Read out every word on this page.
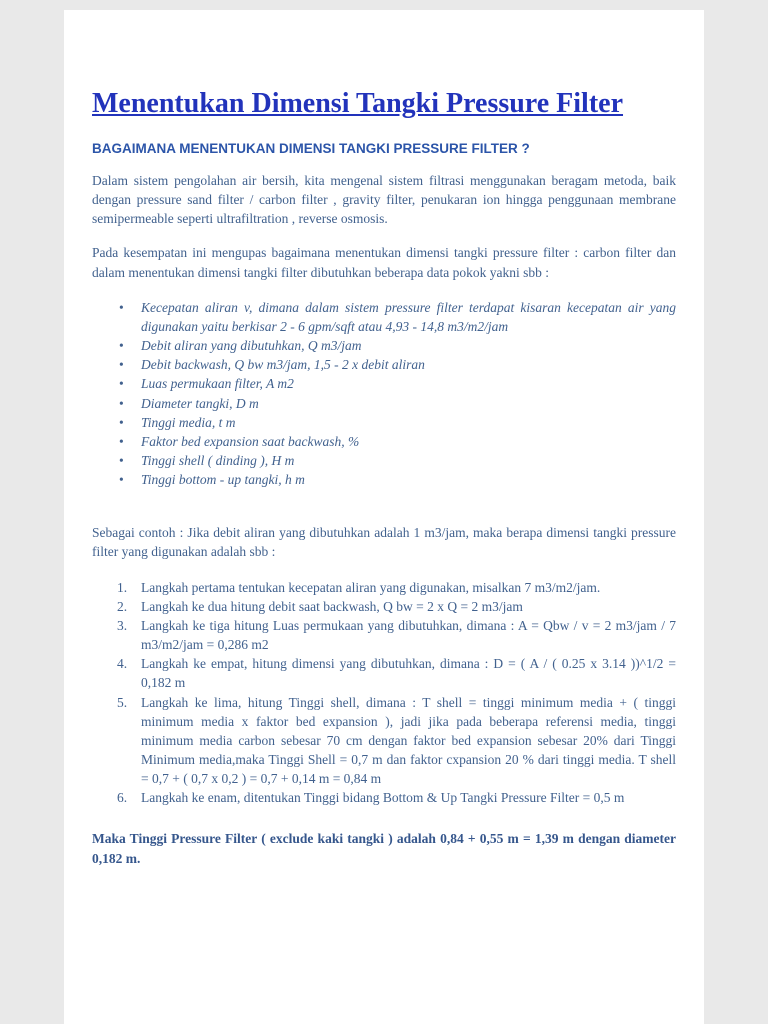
Menentukan Dimensi Tangki Pressure Filter
BAGAIMANA MENENTUKAN DIMENSI TANGKI PRESSURE FILTER ?

Dalam sistem pengolahan air bersih, kita mengenal sistem filtrasi menggunakan beragam metoda, baik dengan pressure sand filter / carbon filter , gravity filter, penukaran ion hingga penggunaan membrane semipermeable seperti ultrafiltration , reverse osmosis.

Pada kesempatan ini mengupas bagaimana menentukan dimensi tangki pressure filter : carbon filter dan dalam menentukan dimensi tangki filter dibutuhkan beberapa data pokok yakni sbb :

• Kecepatan aliran v, dimana dalam sistem pressure filter terdapat kisaran kecepatan air yang digunakan yaitu berkisar 2 - 6 gpm/sqft atau 4,93 - 14,8 m3/m2/jam
• Debit aliran yang dibutuhkan, Q m3/jam
• Debit backwash, Q bw m3/jam, 1,5 - 2 x debit aliran
• Luas permukaan filter, A m2
• Diameter tangki, D m
• Tinggi media, t m
• Faktor bed expansion saat backwash, %
• Tinggi shell ( dinding ), H m
• Tinggi bottom - up tangki, h m

Sebagai contoh : Jika debit aliran yang dibutuhkan adalah 1 m3/jam, maka berapa dimensi tangki pressure filter yang digunakan adalah sbb :

1.	Langkah pertama tentukan kecepatan aliran yang digunakan, misalkan 7 m3/m2/jam.
2.	Langkah ke dua hitung debit saat backwash, Q bw = 2 x Q = 2 m3/jam
3.	Langkah ke tiga hitung Luas permukaan yang dibutuhkan, dimana : A = Qbw / v = 2 m3/jam / 7 m3/m2/jam = 0,286 m2
4.	Langkah ke empat, hitung dimensi yang dibutuhkan, dimana : D = ( A / ( 0.25 x 3.14 ))^1/2 = 0,182 m
5.	Langkah ke lima, hitung Tinggi shell, dimana : T shell = tinggi minimum media + ( tinggi minimum media x faktor bed expansion ), jadi jika pada beberapa referensi media, tinggi minimum media carbon sebesar 70 cm dengan faktor bed expansion sebesar 20% dari Tinggi Minimum media,maka Tinggi Shell = 0,7 m dan faktor cxpansion 20 % dari tinggi media. T shell = 0,7 + ( 0,7 x 0,2 ) = 0,7 + 0,14 m = 0,84 m
6.	Langkah ke enam, ditentukan Tinggi bidang Bottom & Up Tangki Pressure Filter = 0,5 m

Maka Tinggi Pressure Filter ( exclude kaki tangki ) adalah 0,84 + 0,55 m = 1,39 m dengan diameter 0,182 m.
